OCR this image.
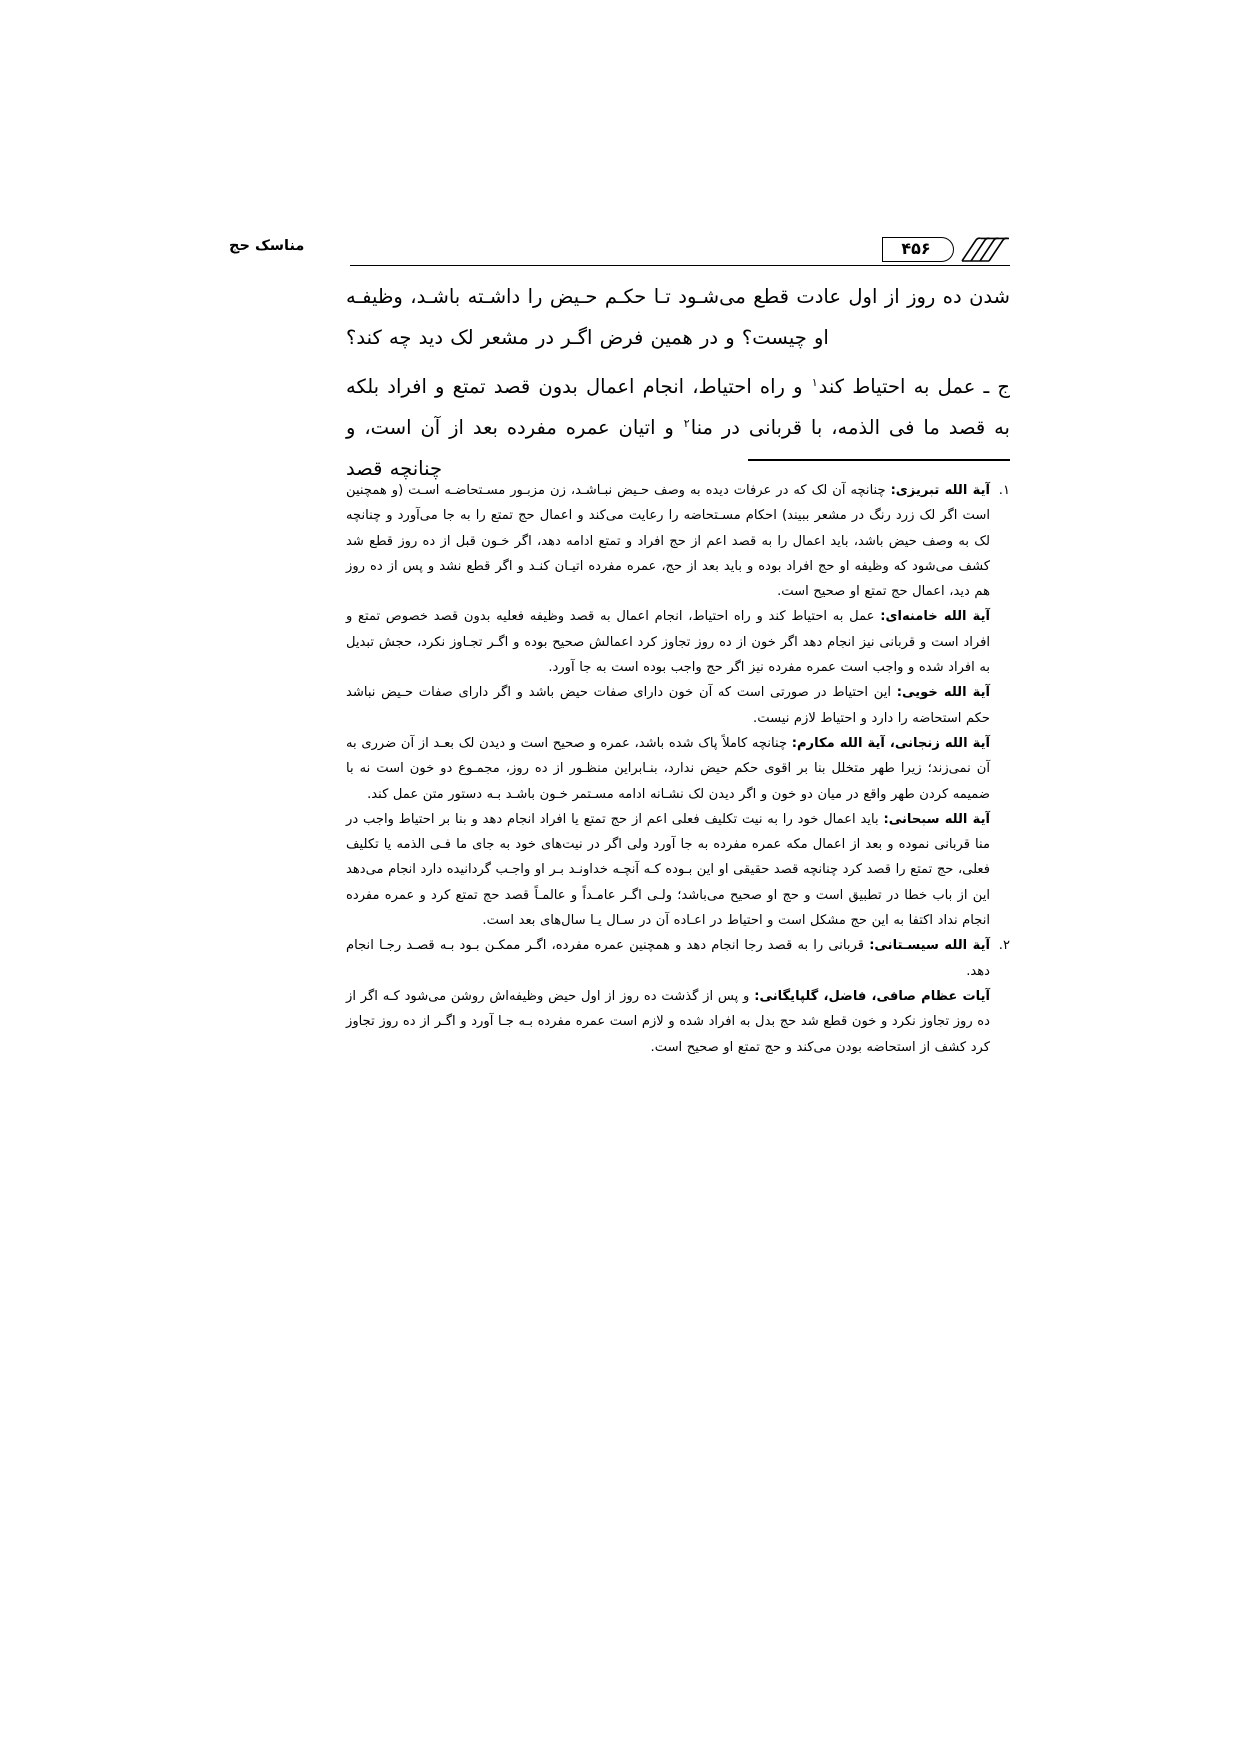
مناسک حج	۴۵۶

شدن ده روز از اول عادت قطع می‌شـود تـا حکـم حـیض را داشـته باشـد، وظیفـه او چیست؟ و در همین فرض اگـر در مشعر لک دید چه کند؟

ج ـ عمل به احتیاط کند$^۱$ و راه احتیاط، انجام اعمال بدون قصد تمتع و افراد بلکه به قصد ما فی الذمه، با قربانی در منا$^۲$ و اتیان عمره مفرده بعد از آن است، و چنانچه قصد

۱.

آیة الله تبریزی: چنانچه آن لک که در عرفات دیده به وصف حـیض نبـاشـد، زن مزبـور مسـتحاضـه اسـت (و همچنین است اگر لک زرد رنگ در مشعر ببیند) احکام مسـتحاضه را رعایت می‌کند و اعمال حج تمتع را به جا می‌آورد و چنانچه لک به وصف حیض باشد، باید اعمال را به قصد اعم از حج افراد و تمتع ادامه دهد، اگر خـون قبل از ده روز قطع شد کشف می‌شود که وظیفه او حج افراد بوده و باید بعد از حج، عمره مفرده اتیـان کنـد و اگر قطع نشد و پس از ده روز هم دید، اعمال حج تمتع او صحیح است.

آیة الله خامنه‌ای: عمل به احتیاط کند و راه احتیاط، انجام اعمال به قصد وظیفه فعلیه بدون قصد خصوص تمتع و افراد است و قربانی نیز انجام دهد اگر خون از ده روز تجاوز کرد اعمالش صحیح بوده و اگـر تجـاوز نکرد، حجش تبدیل به افراد شده و واجب است عمره مفرده نیز اگر حج واجب بوده است به جا آورد.

آیة الله خویی: این احتیاط در صورتی است که آن خون دارای صفات حیض باشد و اگر دارای صفات حـیض نباشد حکم استحاضه را دارد و احتیاط لازم نیست.

آیة الله زنجانی، آیة الله مکارم: چنانچه کاملاً پاک شده باشد، عمره و صحیح است و دیدن لک بعـد از آن ضرری به آن نمی‌زند؛ زیرا طهر متخلل بنا بر اقوی حکم حیض ندارد، بنـابراین منظـور از ده روز، مجمـوع دو خون است نه با ضمیمه کردن طهر واقع در میان دو خون و اگر دیدن لک نشـانه ادامه مسـتمر خـون باشـد بـه دستور متن عمل کند.

آیة الله سبحانی: باید اعمال خود را به نیت تکلیف فعلی اعم از حج تمتع یا افراد انجام دهد و بنا بر احتیاط واجب در منا قربانی نموده و بعد از اعمال مکه عمره مفرده به جا آورد ولی اگر در نیت‌های خود به جای ما فـی الذمه یا تکلیف فعلی، حج تمتع را قصد کرد چنانچه قصد حقیقی او این بـوده کـه آنچـه خداونـد بـر او واجـب گردانیده دارد انجام می‌دهد این از باب خطا در تطبیق است و حج او صحیح می‌باشد؛ ولـی اگـر عامـداً و عالمـاً قصد حج تمتع کرد و عمره مفرده انجام نداد اکتفا به این حج مشکل است و احتیاط در اعـاده آن در سـال یـا سال‌های بعد است.

۲.

آیة الله سیسـتانی: قربانی را به قصد رجا انجام دهد و همچنین عمره مفرده، اگـر ممکـن بـود بـه قصـد رجـا انجام دهد.

آیات عظام صافی، فاضل، گلپایگانی: و پس از گذشت ده روز از اول حیض وظیفه‌اش روشن می‌شود کـه اگر از ده روز تجاوز نکرد و خون قطع شد حج بدل به افراد شده و لازم است عمره مفرده بـه جـا آورد و اگـر از ده روز تجاوز کرد کشف از استحاضه بودن می‌کند و حج تمتع او صحیح است.
